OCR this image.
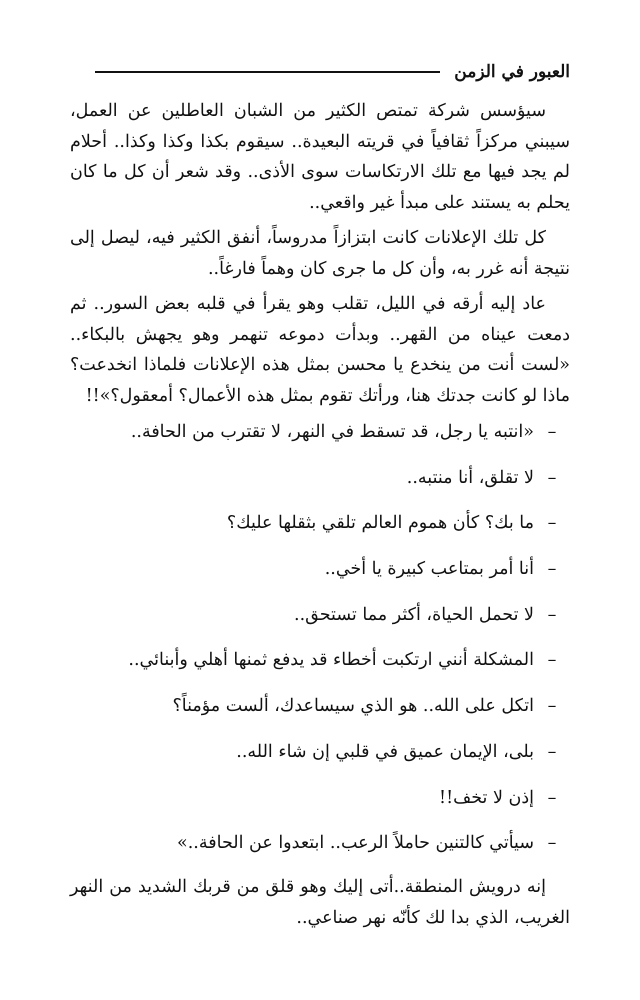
العبور في الزمن

سيؤسس شركة تمتص الكثير من الشبان العاطلين عن العمل، سيبني مركزاً ثقافياً في قريته البعيدة.. سيقوم بكذا وكذا وكذا.. أحلام لم يجد فيها مع تلك الارتكاسات سوى الأذى.. وقد شعر أن كل ما كان يحلم به يستند على مبدأ غير واقعي..

كل تلك الإعلانات كانت ابتزازاً مدروساً، أنفق الكثير فيه، ليصل إلى نتيجة أنه غرر به، وأن كل ما جرى كان وهماً فارغاً..

عاد إليه أرقه في الليل، تقلب وهو يقرأ في قلبه بعض السور.. ثم دمعت عيناه من القهر.. وبدأت دموعه تنهمر وهو يجهش بالبكاء.. «لست أنت من ينخدع يا محسن بمثل هذه الإعلانات فلماذا انخدعت؟ ماذا لو كانت جدتك هنا، ورأتك تقوم بمثل هذه الأعمال؟ أمعقول؟»!!

–
«انتبه يا رجل، قد تسقط في النهر، لا تقترب من الحافة..
–
لا تقلق، أنا منتبه..
–
ما بك؟ كأن هموم العالم تلقي بثقلها عليك؟
–
أنا أمر بمتاعب كبيرة يا أخي..
–
لا تحمل الحياة، أكثر مما تستحق..
–
المشكلة أنني ارتكبت أخطاء قد يدفع ثمنها أهلي وأبنائي..
–
اتكل على الله.. هو الذي سيساعدك، ألست مؤمناً؟
–
بلى، الإيمان عميق في قلبي إن شاء الله..
–
إذن لا تخف!!
–
سيأتي كالتنين حاملاً الرعب.. ابتعدوا عن الحافة..»

إنه درويش المنطقة..أتى إليك وهو قلق من قربك الشديد من النهر الغريب، الذي بدا لك كأنّه نهر صناعي..
